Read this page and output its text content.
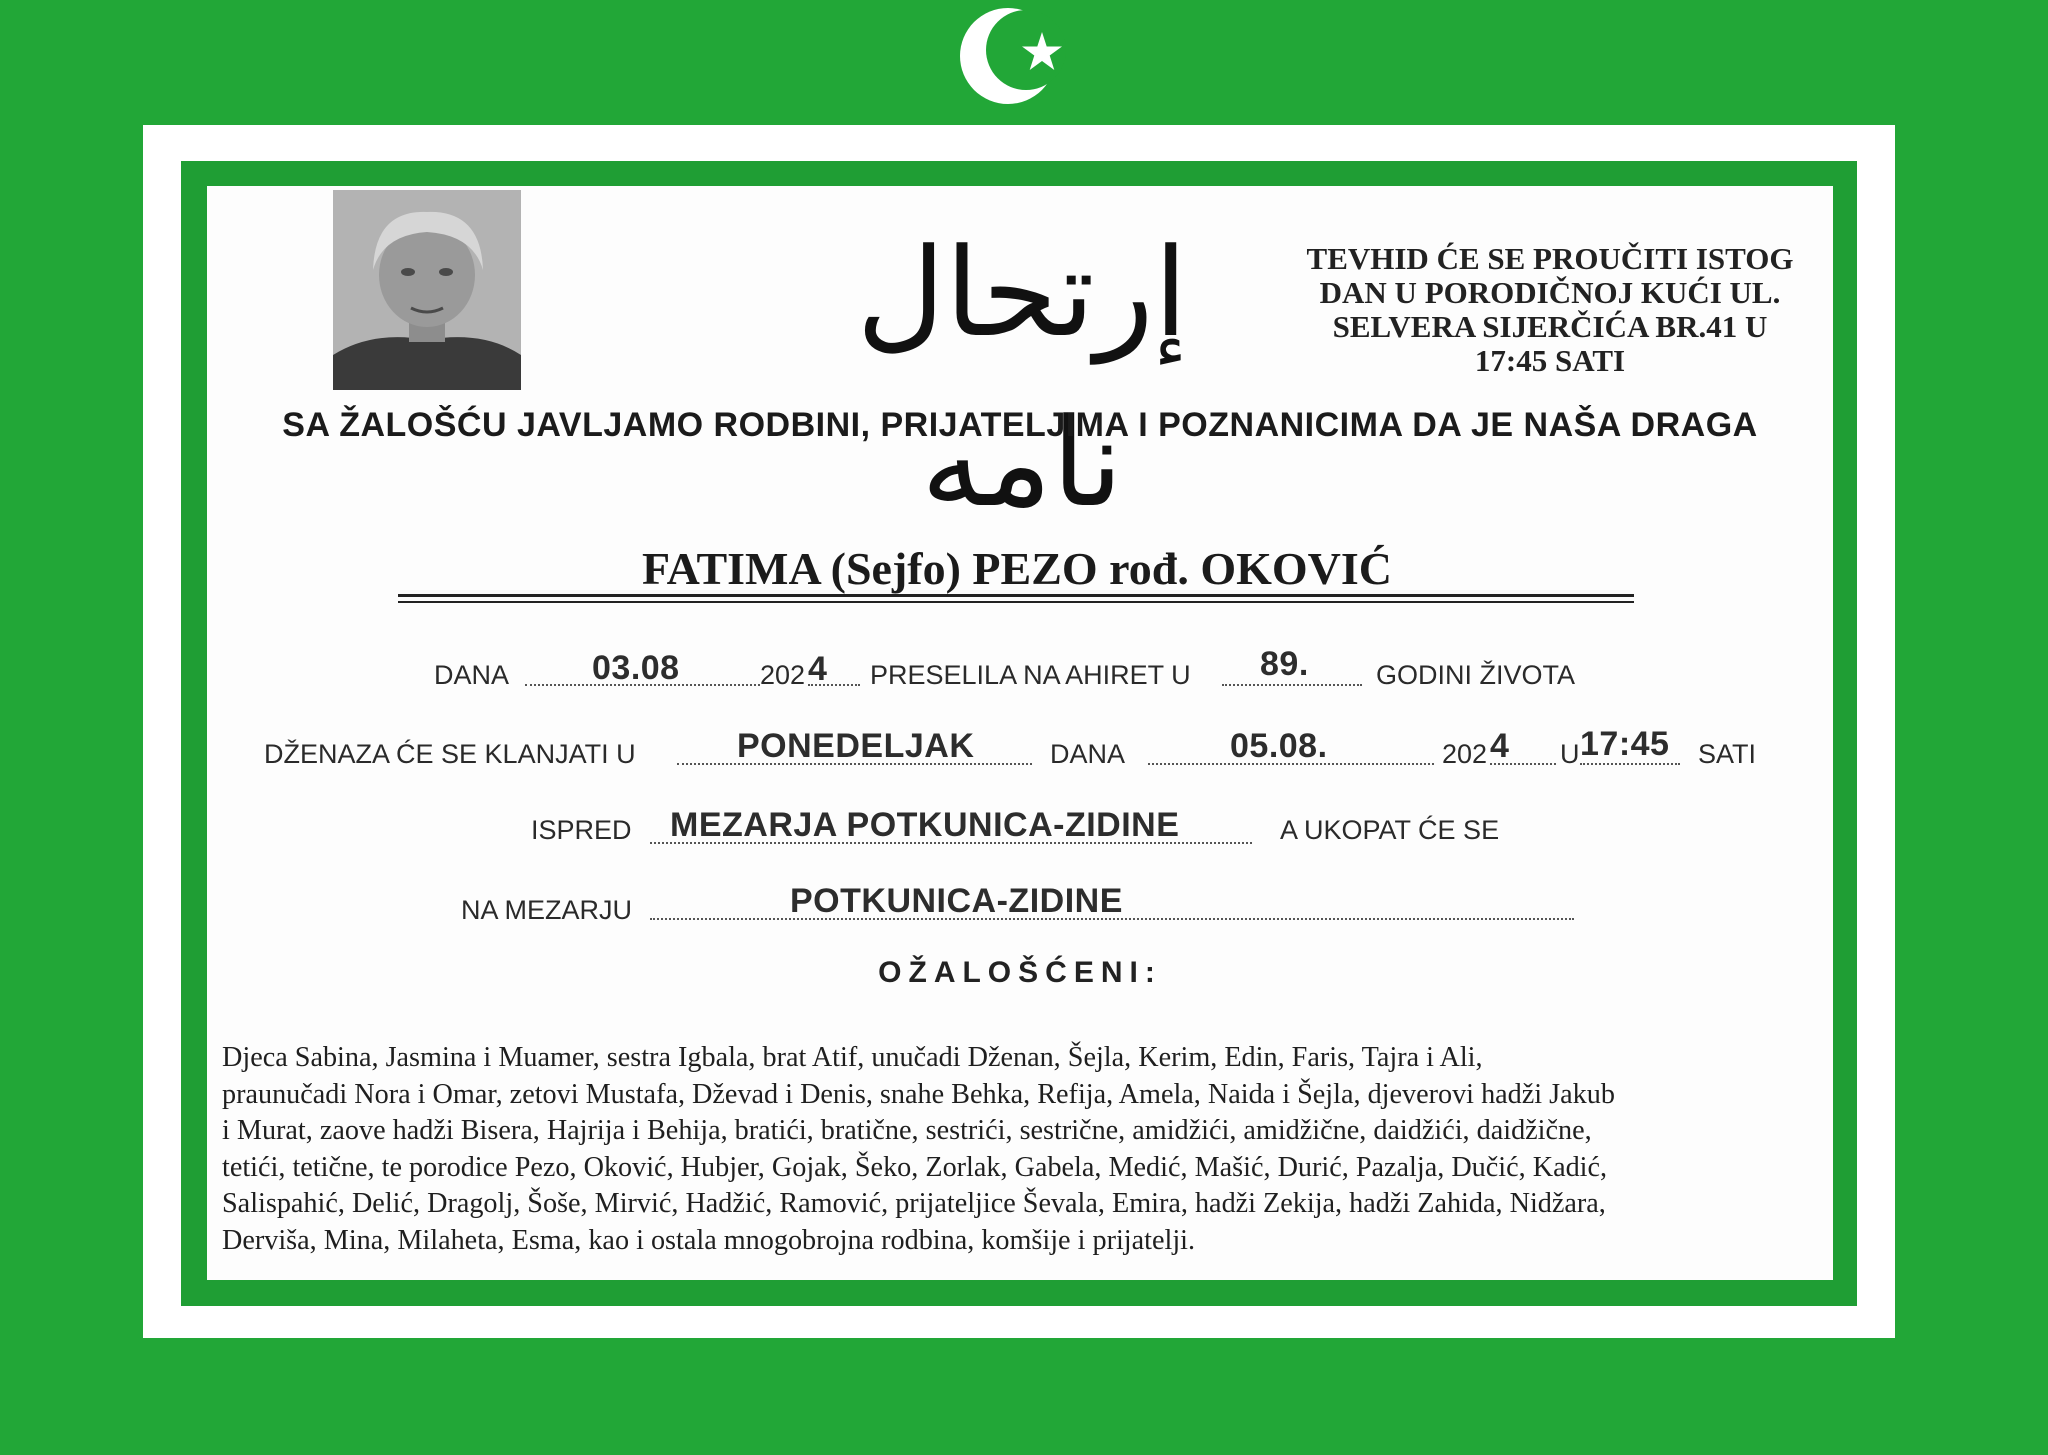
إرتحال نامه
TEVHID ĆE SE PROUČITI ISTOG
DAN U PORODIČNOJ KUĆI UL.
SELVERA SIJERČIĆA BR.41 U
17:45 SATI
SA ŽALOŠĆU JAVLJAMO RODBINI, PRIJATELJIMA I POZNANICIMA DA JE NAŠA DRAGA
FATIMA (Sejfo) PEZO rođ. OKOVIĆ
DANA 03.08	202 4 PRESELILA NA AHIRET U 89. GODINI ŽIVOTA
DŽENAZA ĆE SE KLANJATI U	PONEDELJAK	DANA	05.08.	202 4 U 17:45 SATI
ISPRED MEZARJA POTKUNICA-ZIDINE	A UKOPAT ĆE SE
NA MEZARJU	POTKUNICA-ZIDINE
OŽALOŠĆENI:
Djeca Sabina, Jasmina i Muamer, sestra Igbala, brat Atif, unučadi Dženan, Šejla, Kerim, Edin, Faris, Tajra i Ali,
praunučadi Nora i Omar, zetovi Mustafa, Dževad i Denis, snahe Behka, Refija, Amela, Naida i Šejla, djeverovi hadži Jakub
i Murat, zaove hadži Bisera, Hajrija i Behija, bratići, bratične, sestrići, sestrične, amidžići, amidžične, daidžići, daidžične,
tetići, tetične, te porodice Pezo, Oković, Hubjer, Gojak, Šeko, Zorlak, Gabela, Medić, Mašić, Durić, Pazalja, Dučić, Kadić,
Salispahić, Delić, Dragolj, Šoše, Mirvić, Hadžić, Ramović, prijateljice Ševala, Emira, hadži Zekija, hadži Zahida, Nidžara,
Derviša, Mina, Milaheta, Esma, kao i ostala mnogobrojna rodbina, komšije i prijatelji.
